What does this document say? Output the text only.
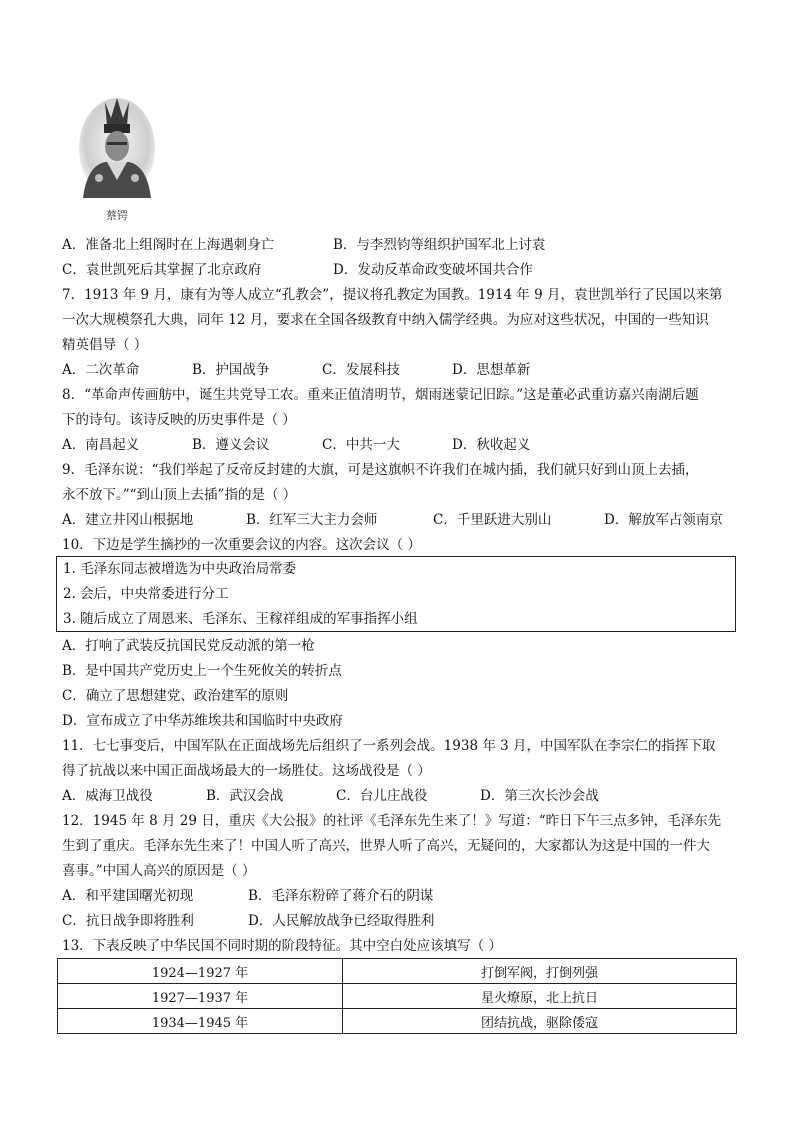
蔡锷
A．准备北上组阁时在上海遇刺身亡	B．与李烈钧等组织护国军北上讨袁
C．袁世凯死后其掌握了北京政府	D．发动反革命政变破坏国共合作
7．1913 年 9 月，康有为等人成立“孔教会”，提议将孔教定为国教。1914 年 9 月，袁世凯举行了民国以来第
一次大规模祭孔大典，同年 12 月，要求在全国各级教育中纳入儒学经典。为应对这些状况，中国的一些知识
精英倡导（ ）
A．二次革命	B．护国战争	C．发展科技	D．思想革新
8．“革命声传画舫中，诞生共党导工农。重来正值清明节，烟雨迷蒙记旧踪。”这是董必武重访嘉兴南湖后题
下的诗句。该诗反映的历史事件是（ ）
A．南昌起义	B．遵义会议	C．中共一大	D．秋收起义
9．毛泽东说：“我们举起了反帝反封建的大旗，可是这旗帜不许我们在城内插，我们就只好到山顶上去插，
永不放下。”“到山顶上去插”指的是（ ）
A．建立井冈山根据地	B．红军三大主力会师	C．千里跃进大别山	D．解放军占领南京
10．下边是学生摘抄的一次重要会议的内容。这次会议（ ）
1. 毛泽东同志被增选为中央政治局常委
2. 会后，中央常委进行分工
3. 随后成立了周恩来、毛泽东、王稼祥组成的军事指挥小组
A．打响了武装反抗国民党反动派的第一枪
B．是中国共产党历史上一个生死攸关的转折点
C．确立了思想建党、政治建军的原则
D．宣布成立了中华苏维埃共和国临时中央政府
11．七七事变后，中国军队在正面战场先后组织了一系列会战。1938 年 3 月，中国军队在李宗仁的指挥下取
得了抗战以来中国正面战场最大的一场胜仗。这场战役是（ ）
A．威海卫战役	B．武汉会战	C．台儿庄战役	D．第三次长沙会战
12．1945 年 8 月 29 日，重庆《大公报》的社评《毛泽东先生来了！》写道：“昨日下午三点多钟，毛泽东先
生到了重庆。毛泽东先生来了！中国人听了高兴，世界人听了高兴，无疑问的，大家都认为这是中国的一件大
喜事。”中国人高兴的原因是（ ）
A．和平建国曙光初现	B．毛泽东粉碎了蒋介石的阴谋
C．抗日战争即将胜利	D．人民解放战争已经取得胜利
13．下表反映了中华民国不同时期的阶段特征。其中空白处应该填写（ ）
1924—1927 年	打倒军阀，打倒列强
1927—1937 年	星火燎原，北上抗日
1934—1945 年	团结抗战，驱除倭寇
